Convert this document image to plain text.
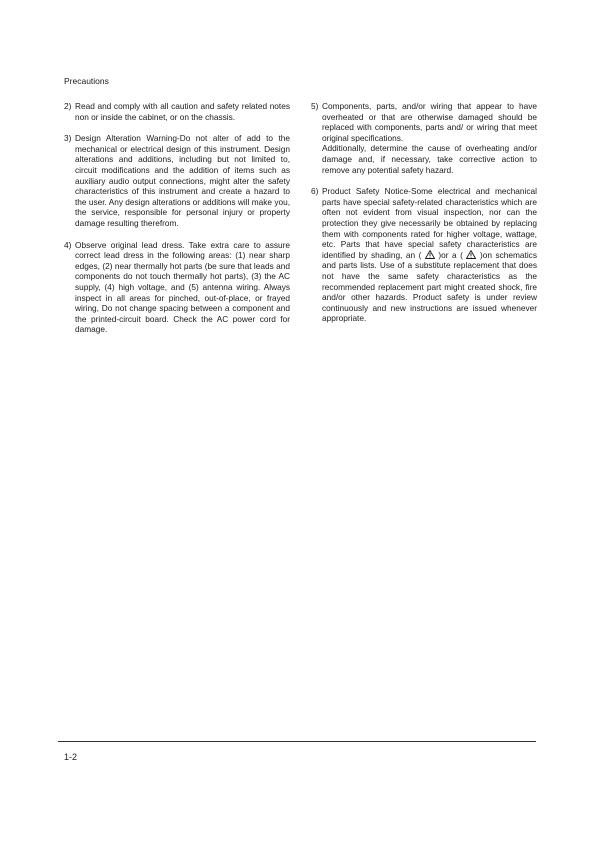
Precautions
2) Read and comply with all caution and safety related notes non or inside the cabinet, or on the chassis.
3) Design Alteration Warning-Do not alter of add to the mechanical or electrical design of this instrument. Design alterations and additions, including but not limited to, circuit modifications and the addition of items such as auxiliary audio output connections, might alter the safety characteristics of this instrument and create a hazard to the user. Any design alterations or additions will make you, the service, responsible for personal injury or property damage resulting therefrom.
4) Observe original lead dress. Take extra care to assure correct lead dress in the following areas: (1) near sharp edges, (2) near thermally hot parts (be sure that leads and components do not touch thermally hot parts), (3) the AC supply, (4) high voltage, and (5) antenna wiring. Always inspect in all areas for pinched, out-of-place, or frayed wiring, Do not change spacing between a component and the printed-circuit board. Check the AC power cord for damage.
5) Components, parts, and/or wiring that appear to have overheated or that are otherwise damaged should be replaced with components, parts and/ or wiring that meet original specifications.
Additionally, determine the cause of overheating and/or damage and, if necessary, take corrective action to remove any potential safety hazard.
6) Product Safety Notice-Some electrical and mechanical parts have special safety-related characteristics which are often not evident from visual inspection, nor can the protection they give necessarily be obtained by replacing them with components rated for higher voltage, wattage, etc. Parts that have special safety characteristics are identified by shading, an ( )or a ( )on schematics and parts lists. Use of a substitute replacement that does not have the same safety characteristics as the recommended replacement part might created shock, fire and/or other hazards. Product safety is under review continuously and new instructions are issued whenever appropriate.
1-2
